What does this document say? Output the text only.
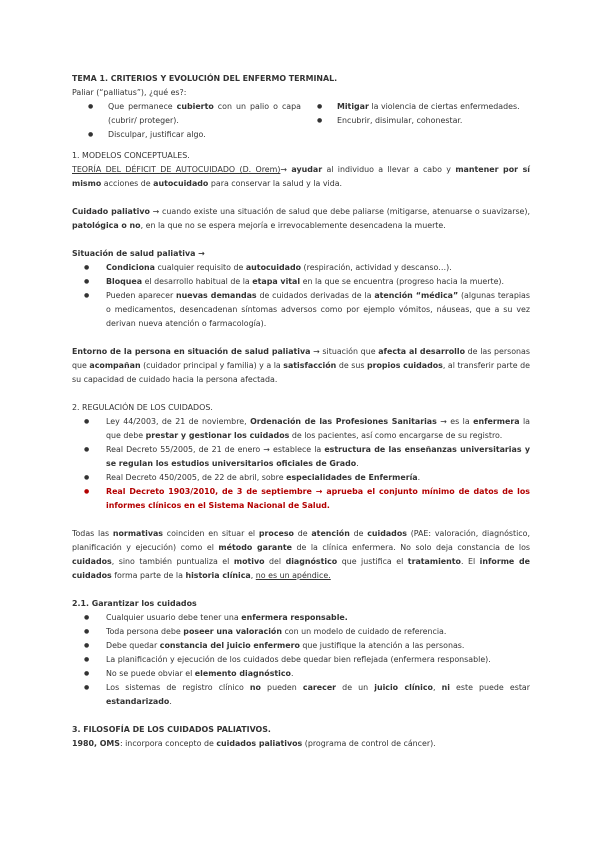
TEMA 1. CRITERIOS Y EVOLUCIÓN DEL ENFERMO TERMINAL.

Paliar (“palliatus”), ¿qué es?:

● Que permanece cubierto con un palio o capa (cubrir/ proteger).
● Disculpar, justificar algo.
● Mitigar la violencia de ciertas enfermedades.
● Encubrir, disimular, cohonestar.

1. MODELOS CONCEPTUALES.

TEORÍA DEL DÉFICIT DE AUTOCUIDADO (D. Orem)→ ayudar al individuo a llevar a cabo y mantener por sí mismo acciones de autocuidado para conservar la salud y la vida.

Cuidado paliativo → cuando existe una situación de salud que debe paliarse (mitigarse, atenuarse o suavizarse), patológica o no, en la que no se espera mejoría e irrevocablemente desencadena la muerte.

Situación de salud paliativa →

● Condiciona cualquier requisito de autocuidado (respiración, actividad y descanso…).
● Bloquea el desarrollo habitual de la etapa vital en la que se encuentra (progreso hacia la muerte).
● Pueden aparecer nuevas demandas de cuidados derivadas de la atención “médica” (algunas terapias o medicamentos, desencadenan síntomas adversos como por ejemplo vómitos, náuseas, que a su vez derivan nueva atención o farmacología).

Entorno de la persona en situación de salud paliativa → situación que afecta al desarrollo de las personas que acompañan (cuidador principal y familia) y a la satisfacción de sus propios cuidados, al transferir parte de su capacidad de cuidado hacia la persona afectada.

2. REGULACIÓN DE LOS CUIDADOS.

● Ley 44/2003, de 21 de noviembre, Ordenación de las Profesiones Sanitarias → es la enfermera la que debe prestar y gestionar los cuidados de los pacientes, así como encargarse de su registro.
● Real Decreto 55/2005, de 21 de enero → establece la estructura de las enseñanzas universitarias y se regulan los estudios universitarios oficiales de Grado.
● Real Decreto 450/2005, de 22 de abril, sobre especialidades de Enfermería.
● Real Decreto 1903/2010, de 3 de septiembre → aprueba el conjunto mínimo de datos de los informes clínicos en el Sistema Nacional de Salud.

Todas las normativas coinciden en situar el proceso de atención de cuidados (PAE: valoración, diagnóstico, planificación y ejecución) como el método garante de la clínica enfermera. No solo deja constancia de los cuidados, sino también puntualiza el motivo del diagnóstico que justifica el tratamiento. El informe de cuidados forma parte de la historia clínica, no es un apéndice.

2.1. Garantizar los cuidados

● Cualquier usuario debe tener una enfermera responsable.
● Toda persona debe poseer una valoración con un modelo de cuidado de referencia.
● Debe quedar constancia del juicio enfermero que justifique la atención a las personas.
● La planificación y ejecución de los cuidados debe quedar bien reflejada (enfermera responsable).
● No se puede obviar el elemento diagnóstico.
● Los sistemas de registro clínico no pueden carecer de un juicio clínico, ni este puede estar estandarizado.

3. FILOSOFÍA DE LOS CUIDADOS PALIATIVOS.

1980, OMS: incorpora concepto de cuidados paliativos (programa de control de cáncer).
